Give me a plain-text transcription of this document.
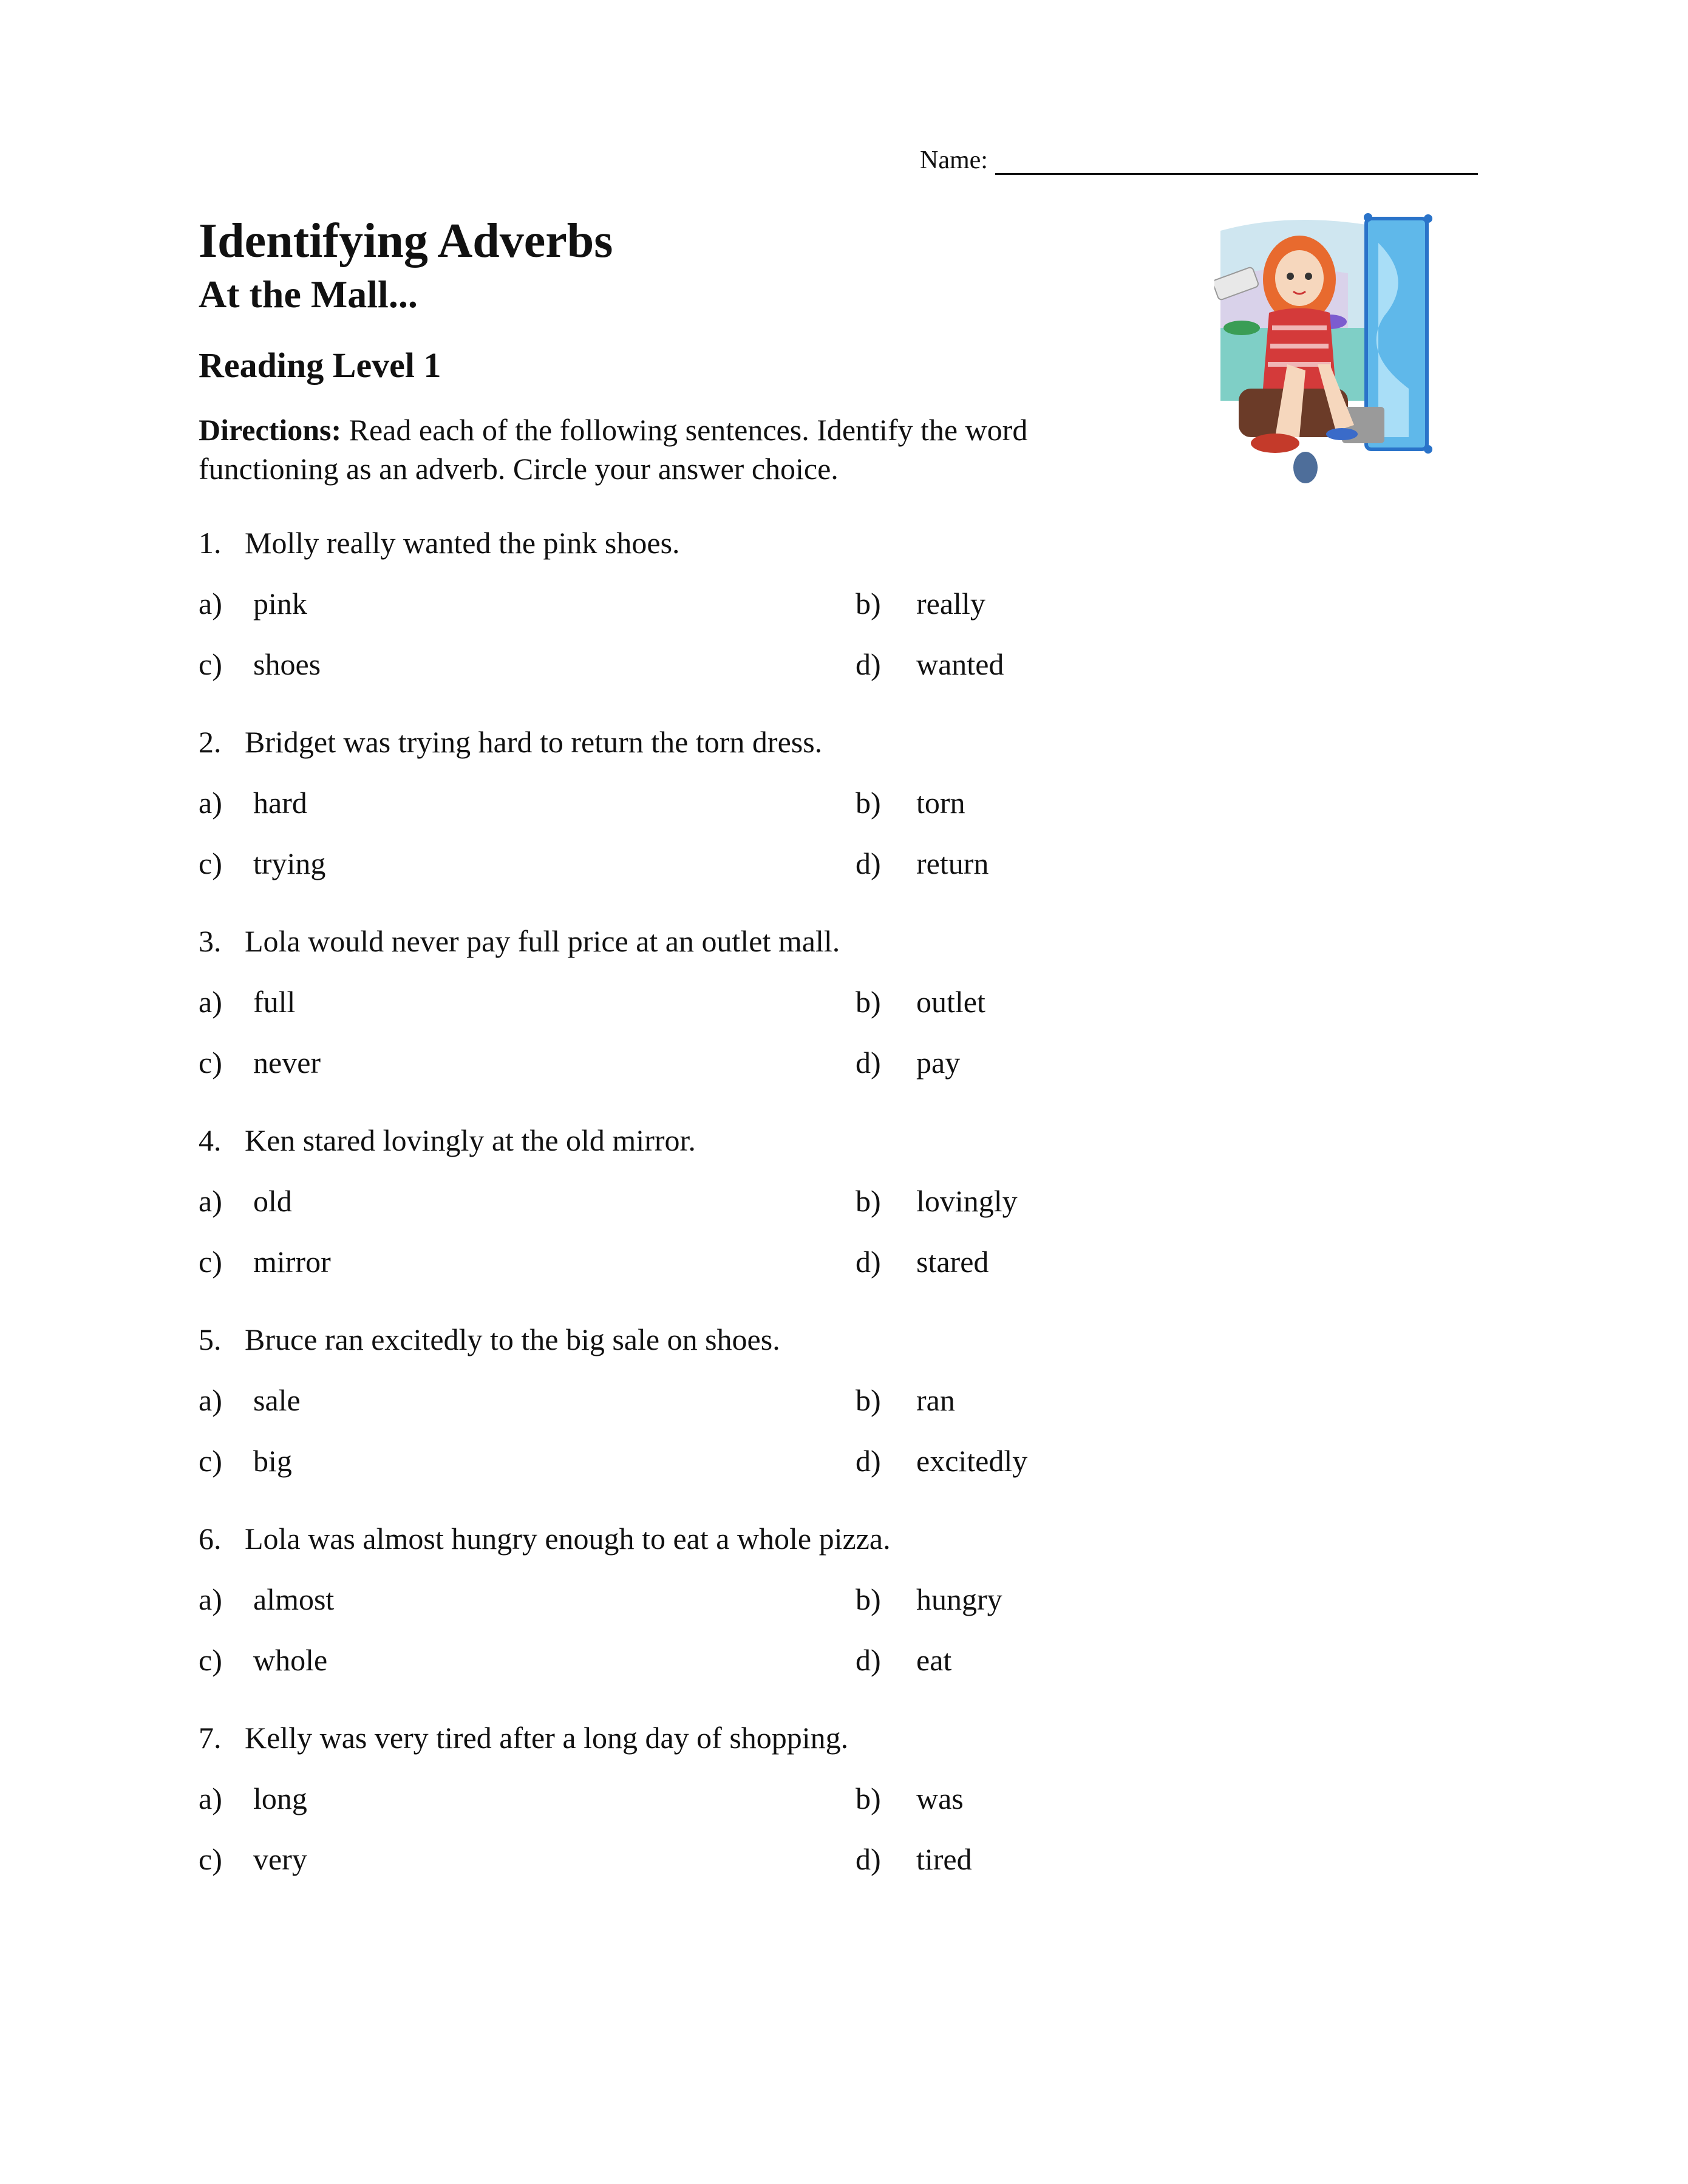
Name:
Identifying Adverbs
At the Mall...
Reading Level 1

Directions: Read each of the following sentences. Identify the word functioning as an adverb. Circle your answer choice.

1. Molly really wanted the pink shoes.
a) pink	b) really
c) shoes	d) wanted
2. Bridget was trying hard to return the torn dress.
a) hard	b) torn
c) trying	d) return
3. Lola would never pay full price at an outlet mall.
a) full	b) outlet
c) never	d) pay
4. Ken stared lovingly at the old mirror.
a) old	b) lovingly
c) mirror	d) stared
5. Bruce ran excitedly to the big sale on shoes.
a) sale	b) ran
c) big	d) excitedly
6. Lola was almost hungry enough to eat a whole pizza.
a) almost	b) hungry
c) whole	d) eat
7. Kelly was very tired after a long day of shopping.
a) long	b) was
c) very	d) tired
